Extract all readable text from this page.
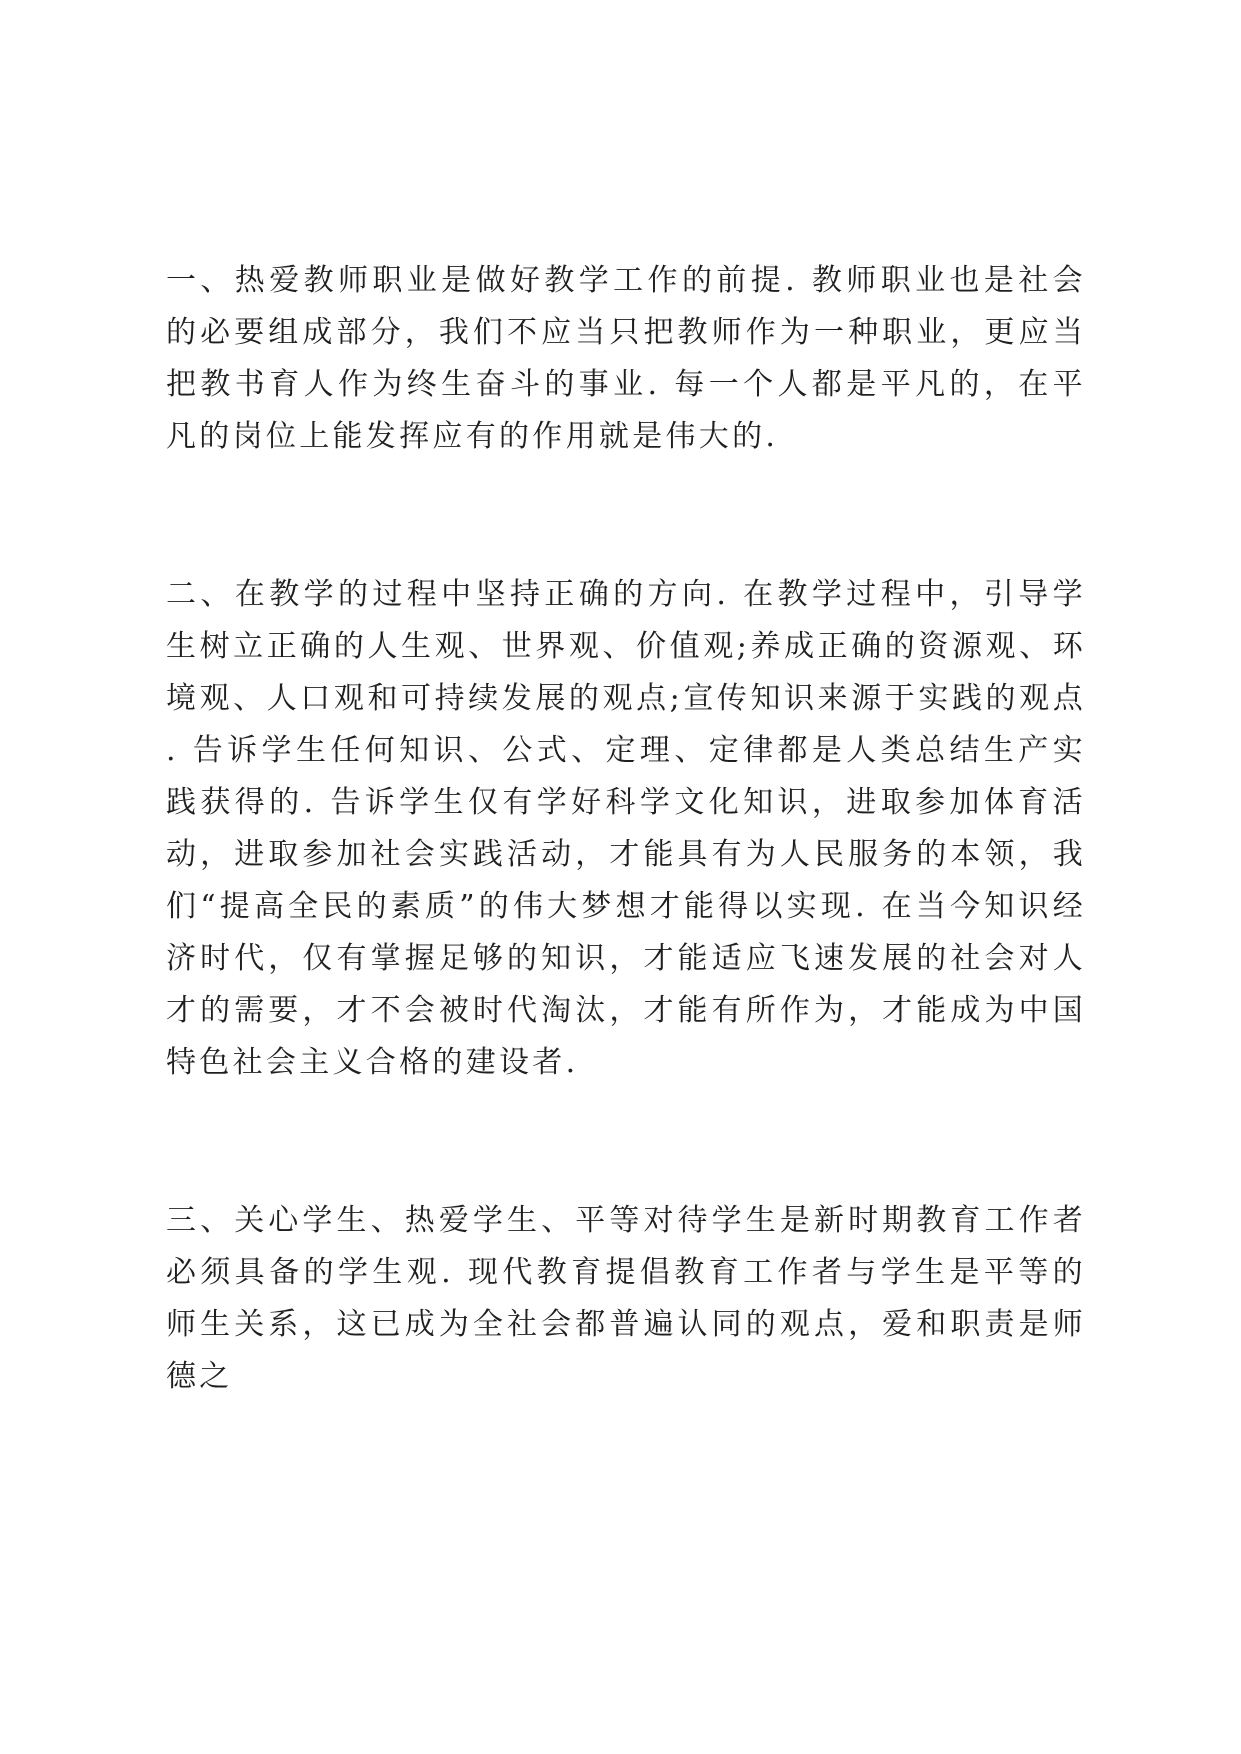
一、热爱教师职业是做好教学工作的前提. 教师职业也是社会的必要组成部分，我们不应当只把教师作为一种职业，更应当把教书育人作为终生奋斗的事业. 每一个人都是平凡的，在平凡的岗位上能发挥应有的作用就是伟大的.

二、在教学的过程中坚持正确的方向. 在教学过程中，引导学生树立正确的人生观、世界观、价值观;养成正确的资源观、环境观、人口观和可持续发展的观点;宣传知识来源于实践的观点. 告诉学生任何知识、公式、定理、定律都是人类总结生产实践获得的. 告诉学生仅有学好科学文化知识，进取参加体育活动，进取参加社会实践活动，才能具有为人民服务的本领，我们“提高全民的素质”的伟大梦想才能得以实现. 在当今知识经济时代，仅有掌握足够的知识，才能适应飞速发展的社会对人才的需要，才不会被时代淘汰，才能有所作为，才能成为中国特色社会主义合格的建设者.

三、关心学生、热爱学生、平等对待学生是新时期教育工作者必须具备的学生观. 现代教育提倡教育工作者与学生是平等的师生关系，这已成为全社会都普遍认同的观点，爱和职责是师德之
